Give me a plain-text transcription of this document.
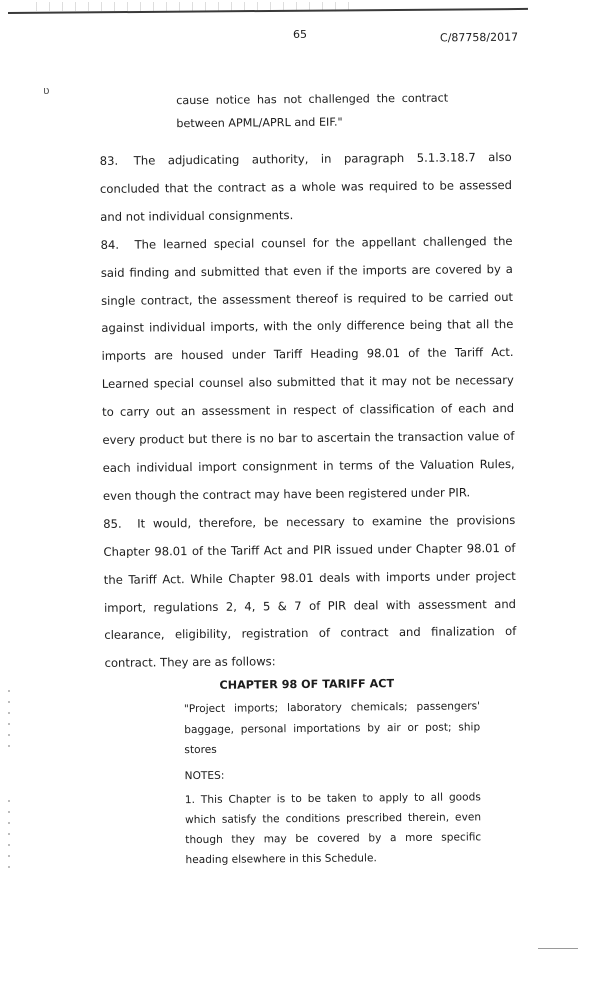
65	C/87758/2017
ʋ
cause notice has not challenged the contract between APML/APRL and EIF."

83. The adjudicating authority, in paragraph 5.1.3.18.7 also concluded that the contract as a whole was required to be assessed and not individual consignments.

84. The learned special counsel for the appellant challenged the said finding and submitted that even if the imports are covered by a single contract, the assessment thereof is required to be carried out against individual imports, with the only difference being that all the imports are housed under Tariff Heading 98.01 of the Tariff Act. Learned special counsel also submitted that it may not be necessary to carry out an assessment in respect of classification of each and every product but there is no bar to ascertain the transaction value of each individual import consignment in terms of the Valuation Rules, even though the contract may have been registered under PIR.

85. It would, therefore, be necessary to examine the provisions Chapter 98.01 of the Tariff Act and PIR issued under Chapter 98.01 of the Tariff Act. While Chapter 98.01 deals with imports under project import, regulations 2, 4, 5 & 7 of PIR deal with assessment and clearance, eligibility, registration of contract and finalization of contract. They are as follows:

CHAPTER 98 OF TARIFF ACT
"Project imports; laboratory chemicals; passengers' baggage, personal importations by air or post; ship stores
NOTES:
1. This Chapter is to be taken to apply to all goods which satisfy the conditions prescribed therein, even though they may be covered by a more specific heading elsewhere in this Schedule.
